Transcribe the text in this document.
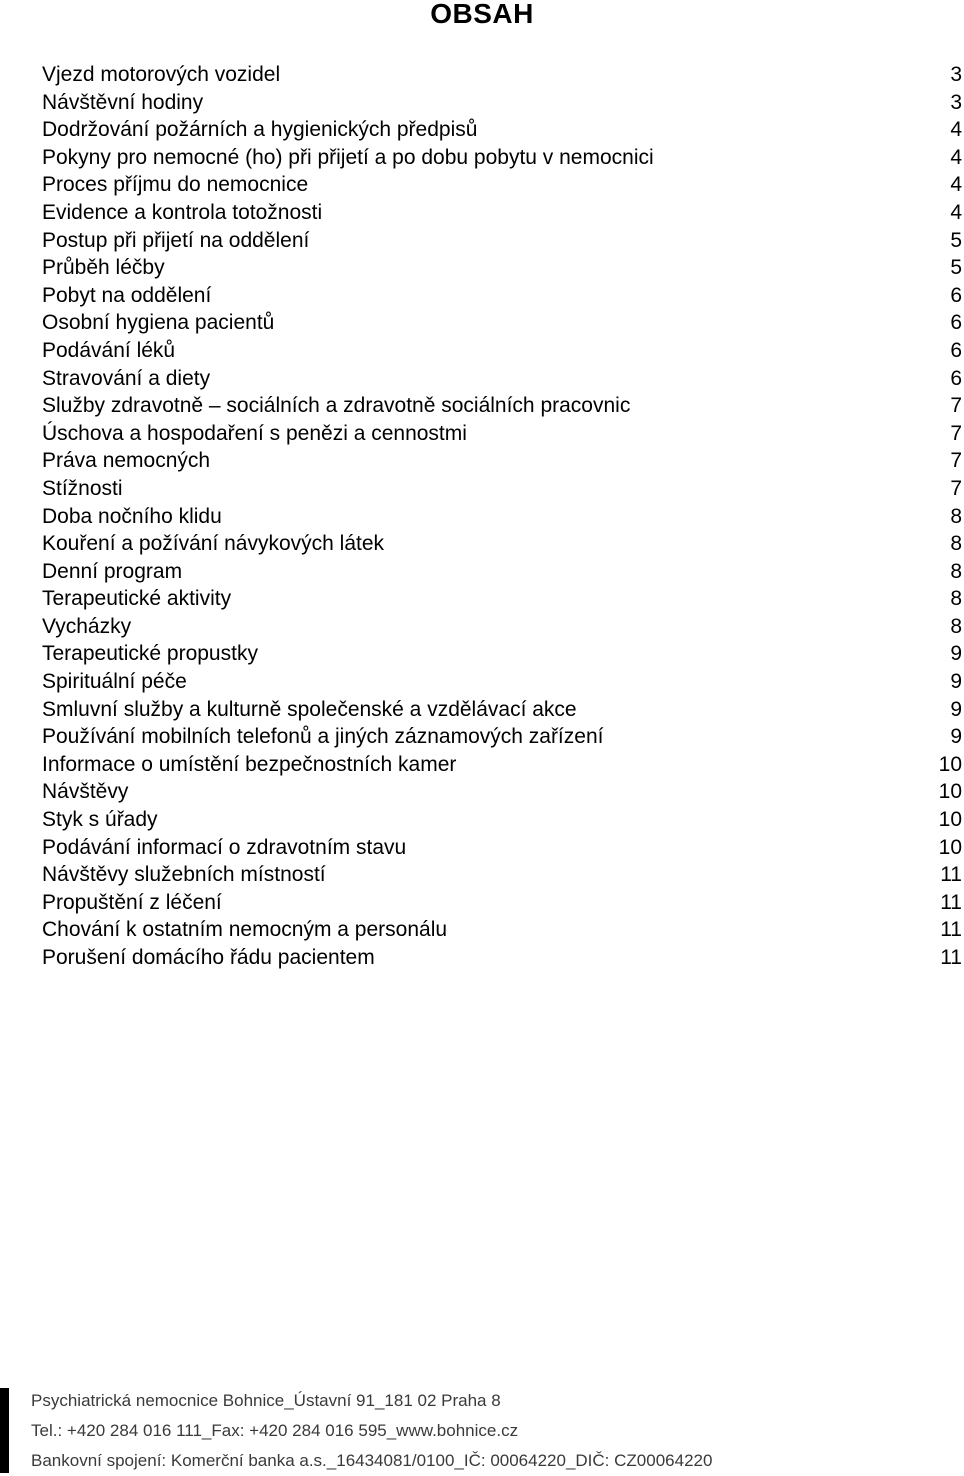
OBSAH
Vjezd motorových vozidel	3
Návštěvní hodiny	3
Dodržování požárních a hygienických předpisů	4
Pokyny pro nemocné (ho) při přijetí a po dobu pobytu v nemocnici	4
Proces příjmu do nemocnice	4
Evidence a kontrola totožnosti	4
Postup při přijetí na oddělení	5
Průběh léčby	5
Pobyt na oddělení	6
Osobní hygiena pacientů	6
Podávání léků	6
Stravování a diety	6
Služby zdravotně – sociálních a zdravotně sociálních pracovnic	7
Úschova a hospodaření s penězi a cennostmi	7
Práva nemocných	7
Stížnosti	7
Doba nočního klidu	8
Kouření a požívání návykových látek	8
Denní program	8
Terapeutické aktivity	8
Vycházky	8
Terapeutické propustky	9
Spirituální péče	9
Smluvní služby a kulturně společenské a vzdělávací akce	9
Používání mobilních telefonů a jiných záznamových zařízení	9
Informace o umístění bezpečnostních kamer	10
Návštěvy	10
Styk s úřady	10
Podávání informací o zdravotním stavu	10
Návštěvy služebních místností	11
Propuštění z léčení	11
Chování k ostatním nemocným a personálu	11
Porušení domácího řádu pacientem	11
Psychiatrická nemocnice Bohnice_Ústavní 91_181 02 Praha 8
Tel.: +420 284 016 111_Fax: +420 284 016 595_www.bohnice.cz
Bankovní spojení: Komerční banka a.s._16434081/0100_IČ: 00064220_DIČ: CZ00064220
